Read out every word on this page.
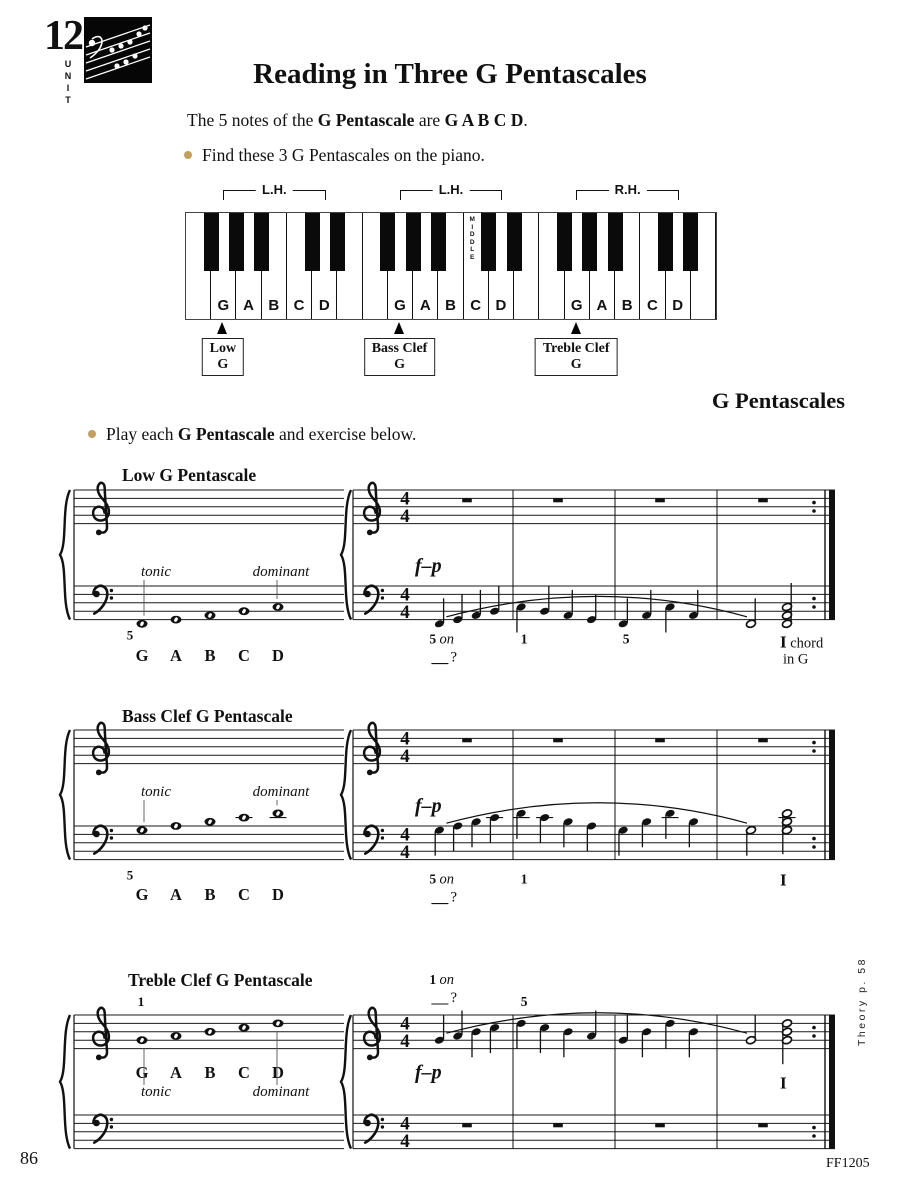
12
UNIT	Reading in Three G Pentascales

The 5 notes of the G Pentascale are G A B C D.

Find these 3 G Pentascales on the piano.
G A B C D	G A B C D	G A B C D
M
I
D
D
L
E
G Pentascales
Play each G Pentascale and exercise below.
Low G Pentascale
Bass Clef G Pentascale
Treble Clef G Pentascale
86	FF1205
Theory p. 58
L.H.	L.H.	R.H.
Low
G
Bass Clef
G
Treble Clef
G
G A B C D
5
tonic	dominant
4
4
4
4
f–p
5 on
?
1	5	I chord
in G
G A B C D
5
tonic	dominant
4
4
4
4
f–p
5 on
?
1	I
G A B C D
1
tonic	dominant
4
4
4
4
f–p
1 on
?	5
I
